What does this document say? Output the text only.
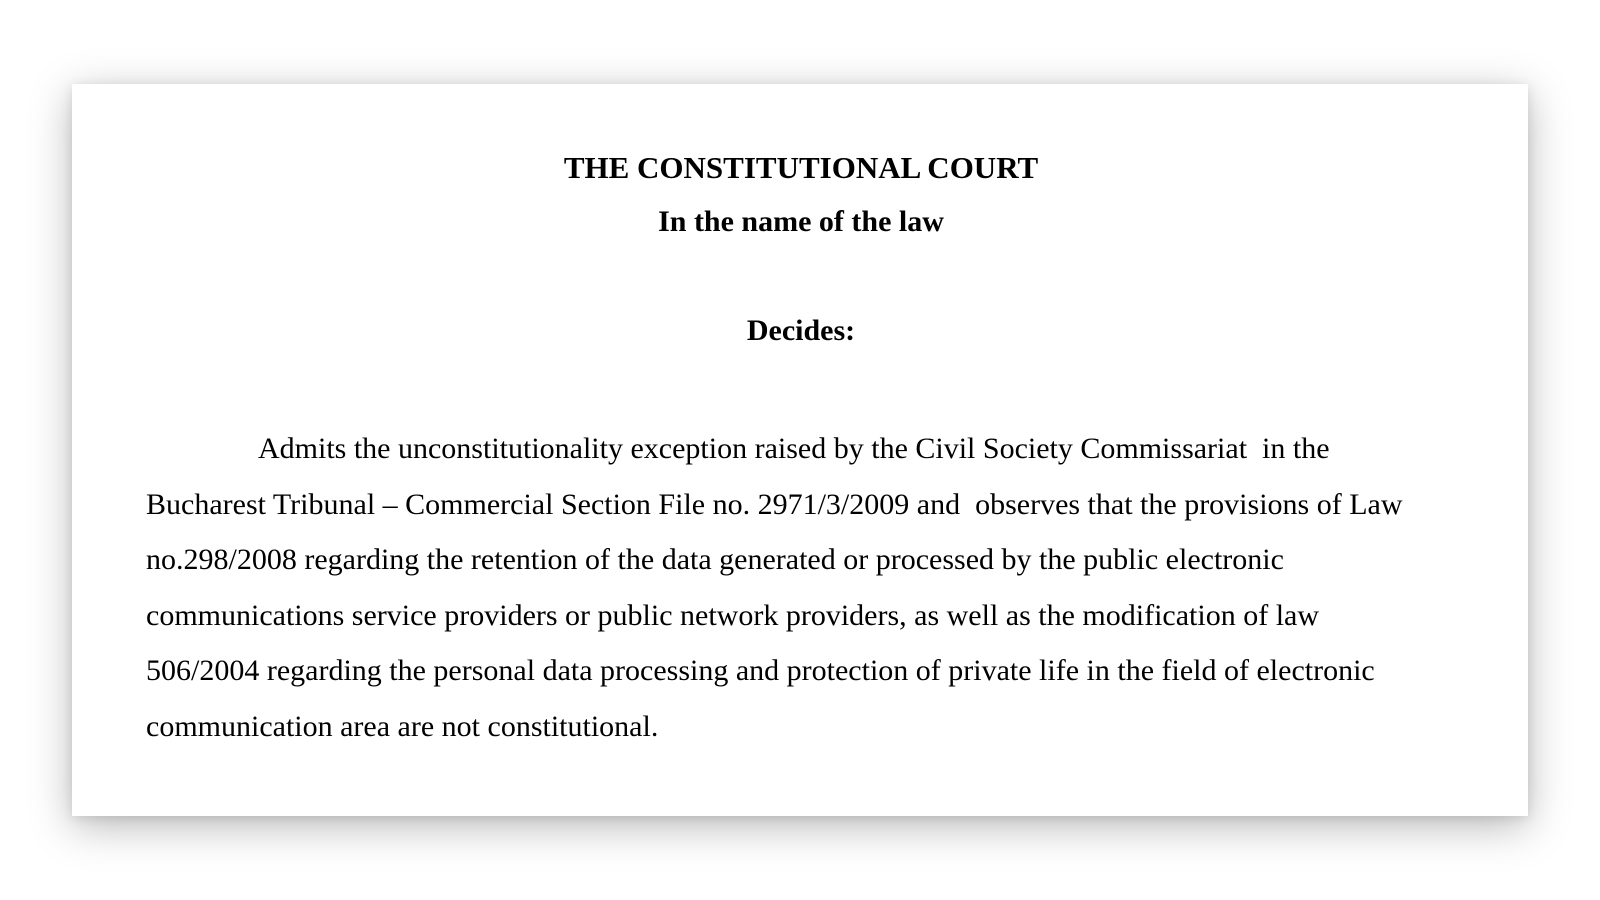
THE CONSTITUTIONAL COURT
In the name of the law
Decides:

Admits the unconstitutionality exception raised by the Civil Society Commissariat  in the Bucharest Tribunal – Commercial Section File no. 2971/3/2009 and  observes that the provisions of Law no.298/2008 regarding the retention of the data generated or processed by the public electronic communications service providers or public network providers, as well as the modification of law 506/2004 regarding the personal data processing and protection of private life in the field of electronic communication area are not constitutional.
